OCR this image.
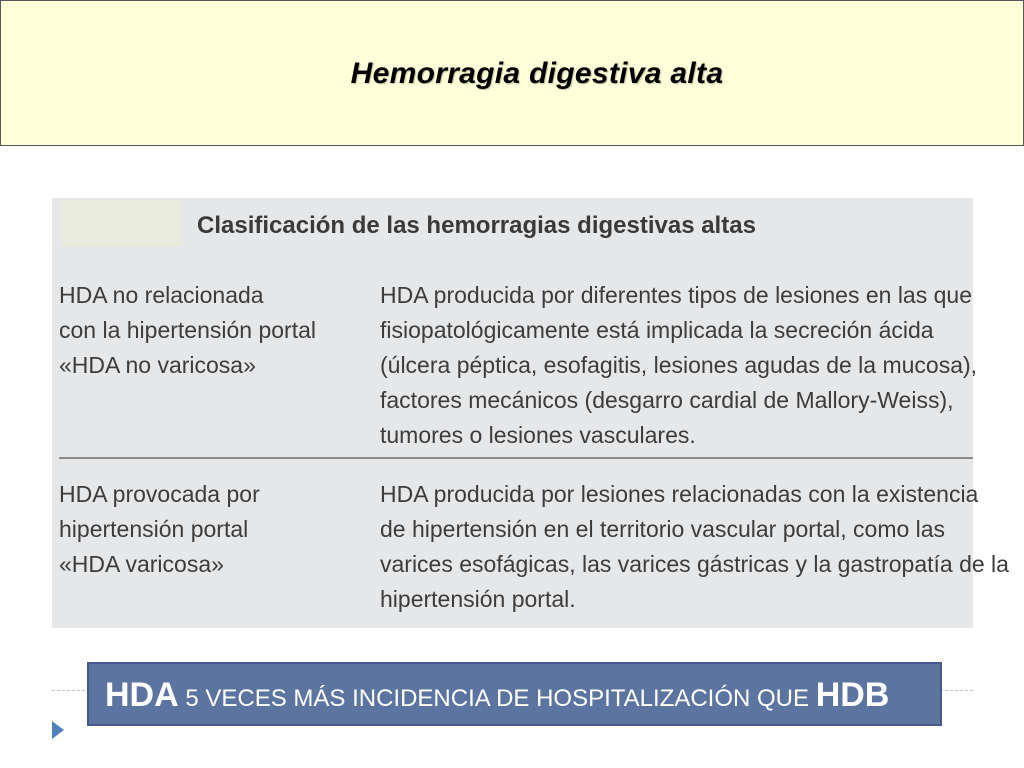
Hemorragia digestiva alta
Clasificación de las hemorragias digestivas altas
HDA no relacionada
con la hipertensión portal
«HDA no varicosa»
HDA producida por diferentes tipos de lesiones en las que
fisiopatológicamente está implicada la secreción ácida
(úlcera péptica, esofagitis, lesiones agudas de la mucosa),
factores mecánicos (desgarro cardial de Mallory-Weiss),
tumores o lesiones vasculares.
HDA provocada por
hipertensión portal
«HDA varicosa»
HDA producida por lesiones relacionadas con la existencia
de hipertensión en el territorio vascular portal, como las
varices esofágicas, las varices gástricas y la gastropatía de la
hipertensión portal.
HDA 5 VECES MÁS INCIDENCIA DE HOSPITALIZACIÓN QUE HDB
